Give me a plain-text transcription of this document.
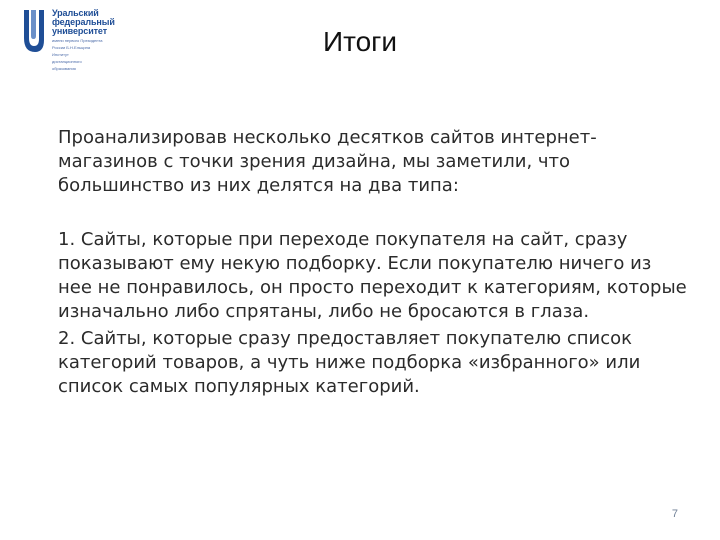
Уральский
федеральный
университет
имени первого Президента
России Б.Н.Ельцина
Институт
дистанционного
образования
Итоги

Проанализировав несколько десятков сайтов интернет-магазинов с точки зрения дизайна, мы заметили, что большинство из них делятся на два типа:

1. Сайты, которые при переходе покупателя на сайт, сразу показывают ему некую подборку. Если покупателю ничего из нее не понравилось, он просто переходит к категориям, которые изначально либо спрятаны, либо не бросаются в глаза.

2. Сайты, которые сразу предоставляет покупателю список категорий товаров, а чуть ниже подборка «избранного» или список самых популярных категорий.

7
